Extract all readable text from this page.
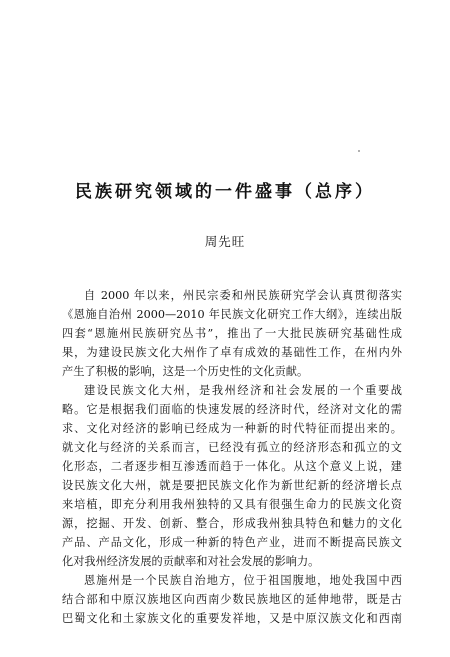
民族研究领域的一件盛事（总序）
周先旺
自 2000 年以来，州民宗委和州民族研究学会认真贯彻落实
《恩施自治州 2000—2010 年民族文化研究工作大纲》，连续出版
四套“恩施州民族研究丛书”，推出了一大批民族研究基础性成
果，为建设民族文化大州作了卓有成效的基础性工作，在州内外
产生了积极的影响，这是一个历史性的文化贡献。
建设民族文化大州，是我州经济和社会发展的一个重要战
略。它是根据我们面临的快速发展的经济时代，经济对文化的需
求、文化对经济的影响已经成为一种新的时代特征而提出来的。
就文化与经济的关系而言，已经没有孤立的经济形态和孤立的文
化形态，二者逐步相互渗透而趋于一体化。从这个意义上说，建
设民族文化大州，就是要把民族文化作为新世纪新的经济增长点
来培植，即充分利用我州独特的又具有很强生命力的民族文化资
源，挖掘、开发、创新、整合，形成我州独具特色和魅力的文化
产品、产品文化，形成一种新的特色产业，进而不断提高民族文
化对我州经济发展的贡献率和对社会发展的影响力。
恩施州是一个民族自治地方，位于祖国腹地，地处我国中西
结合部和中原汉族地区向西南少数民族地区的延伸地带，既是古
巴蜀文化和土家族文化的重要发祥地，又是中原汉族文化和西南
